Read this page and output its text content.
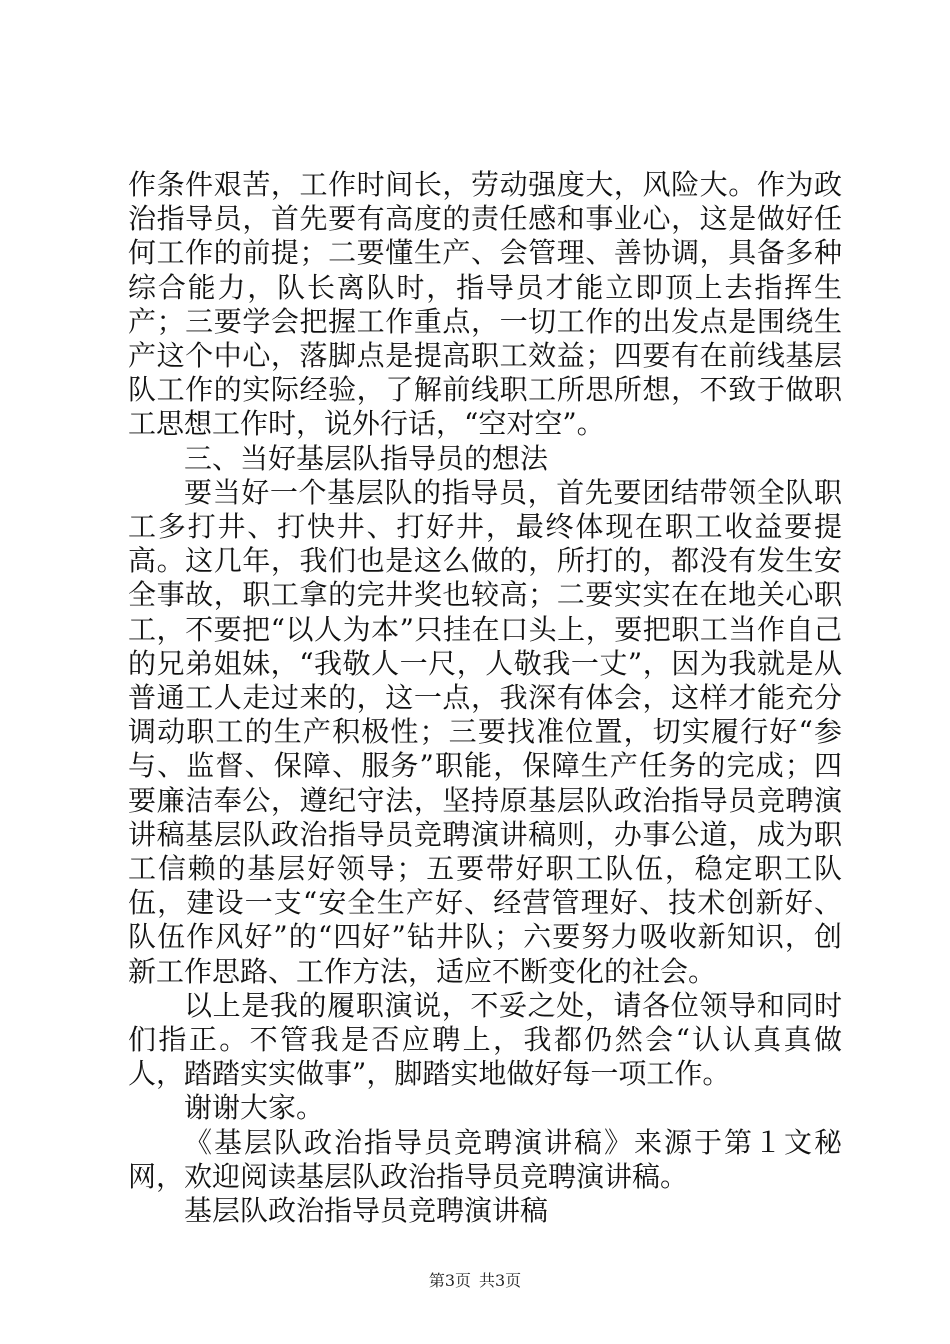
作条件艰苦，工作时间长，劳动强度大，风险大。作为政治指导员，首先要有高度的责任感和事业心，这是做好任何工作的前提；二要懂生产、会管理、善协调，具备多种综合能力，队长离队时，指导员才能立即顶上去指挥生产；三要学会把握工作重点，一切工作的出发点是围绕生产这个中心，落脚点是提高职工效益；四要有在前线基层队工作的实际经验，了解前线职工所思所想，不致于做职工思想工作时，说外行话，“空对空”。

三、当好基层队指导员的想法

要当好一个基层队的指导员，首先要团结带领全队职工多打井、打快井、打好井，最终体现在职工收益要提高。这几年，我们也是这么做的，所打的，都没有发生安全事故，职工拿的完井奖也较高；二要实实在在地关心职工，不要把“以人为本”只挂在口头上，要把职工当作自己的兄弟姐妹，“我敬人一尺，人敬我一丈”，因为我就是从普通工人走过来的，这一点，我深有体会，这样才能充分调动职工的生产积极性；三要找准位置，切实履行好“参与、监督、保障、服务”职能，保障生产任务的完成；四要廉洁奉公，遵纪守法，坚持原基层队政治指导员竞聘演讲稿基层队政治指导员竞聘演讲稿则，办事公道，成为职工信赖的基层好领导；五要带好职工队伍，稳定职工队伍，建设一支“安全生产好、经营管理好、技术创新好、队伍作风好”的“四好”钻井队；六要努力吸收新知识，创新工作思路、工作方法，适应不断变化的社会。

以上是我的履职演说，不妥之处，请各位领导和同时们指正。不管我是否应聘上，我都仍然会“认认真真做人，踏踏实实做事”，脚踏实地做好每一项工作。

谢谢大家。

《基层队政治指导员竞聘演讲稿》来源于第１文秘网，欢迎阅读基层队政治指导员竞聘演讲稿。

基层队政治指导员竞聘演讲稿

第3页 共3页
